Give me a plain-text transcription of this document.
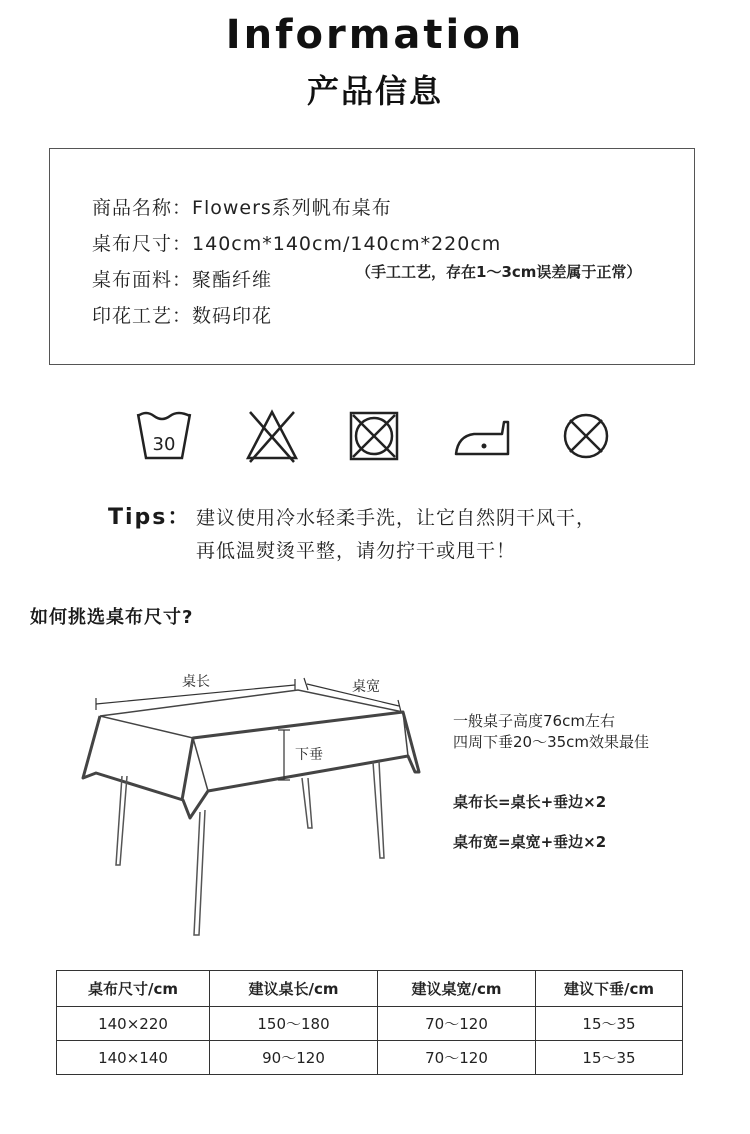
Information
产品信息
商品名称：Flowers系列帆布桌布
桌布尺寸：140cm*140cm/140cm*220cm
桌布面料：聚酯纤维
印花工艺：数码印花
（手工工艺，存在1～3cm误差属于正常）
30
Tips： 建议使用冷水轻柔手洗，让它自然阴干风干，
再低温熨烫平整，请勿拧干或甩干！
如何挑选桌布尺寸?
桌长	桌宽
下垂
一般桌子高度76cm左右
四周下垂20～35cm效果最佳
桌布长=桌长+垂边×2
桌布宽=桌宽+垂边×2
桌布尺寸/cm	建议桌长/cm	建议桌宽/cm	建议下垂/cm
140×220	150～180	70～120	15～35
140×140	90～120	70～120	15～35
